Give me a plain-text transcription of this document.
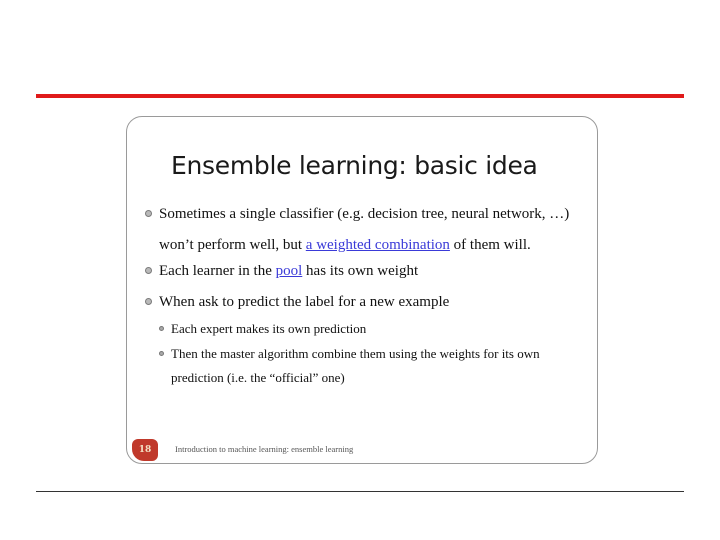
Ensemble learning: basic idea
Sometimes a single classifier (e.g. decision tree, neural network, …) won’t perform well, but a weighted combination of them will.
Each learner in the pool has its own weight
When ask to predict the label for a new example
Each expert makes its own prediction
Then the master algorithm combine them using the weights for its own prediction (i.e. the “official” one)
18	Introduction to machine learning: ensemble learning
